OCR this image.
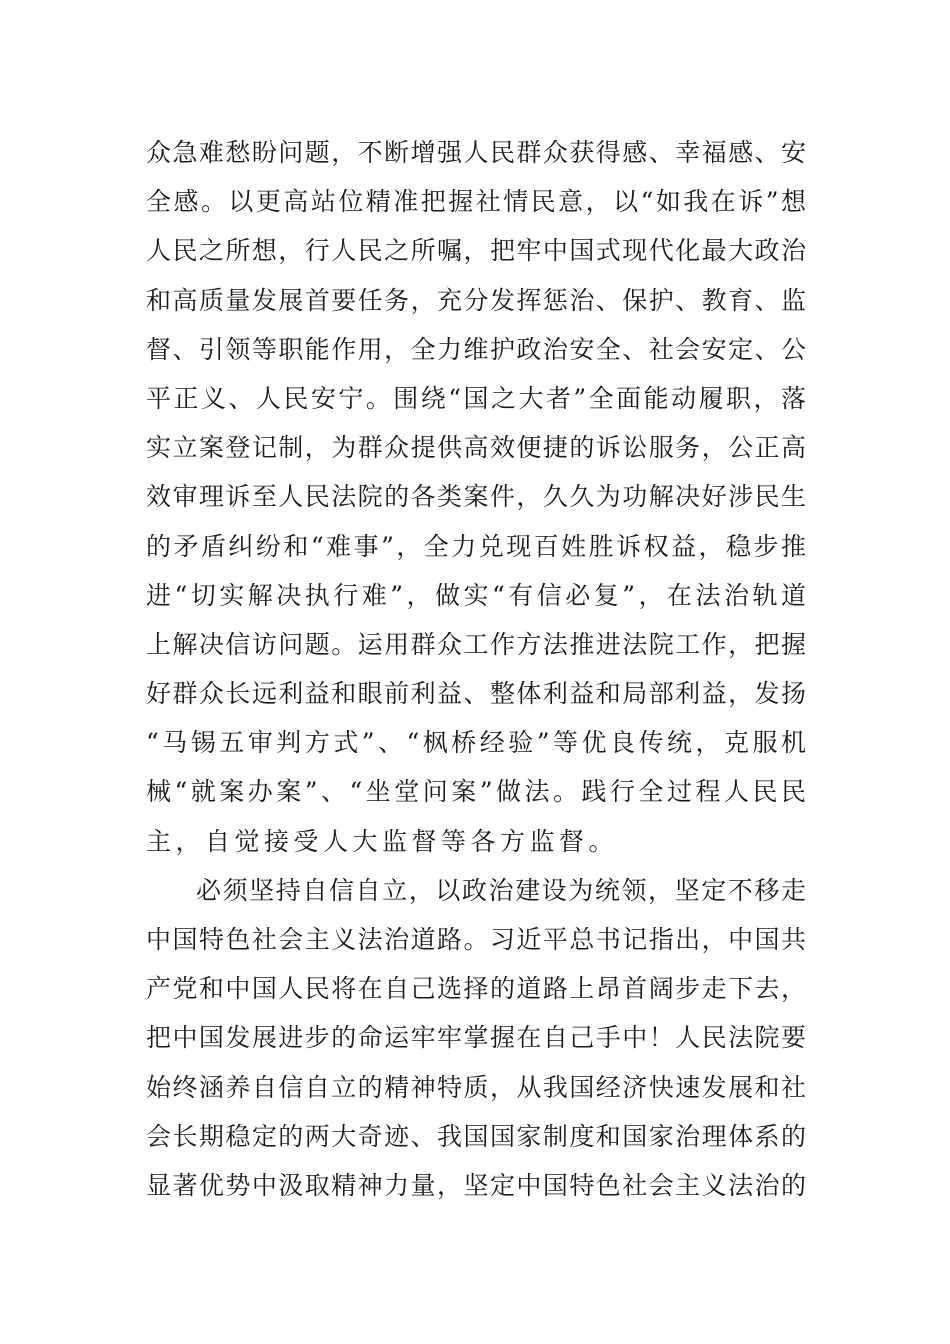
众急难愁盼问题，不断增强人民群众获得感、幸福感、安
全感。以更高站位精准把握社情民意，以“如我在诉”想
人民之所想，行人民之所嘱，把牢中国式现代化最大政治
和高质量发展首要任务，充分发挥惩治、保护、教育、监
督、引领等职能作用，全力维护政治安全、社会安定、公
平正义、人民安宁。围绕“国之大者”全面能动履职，落
实立案登记制，为群众提供高效便捷的诉讼服务，公正高
效审理诉至人民法院的各类案件，久久为功解决好涉民生
的矛盾纠纷和“难事”，全力兑现百姓胜诉权益，稳步推
进“切实解决执行难”，做实“有信必复”，在法治轨道
上解决信访问题。运用群众工作方法推进法院工作，把握
好群众长远利益和眼前利益、整体利益和局部利益，发扬
“马锡五审判方式”、“枫桥经验”等优良传统，克服机
械“就案办案”、“坐堂问案”做法。践行全过程人民民
主，自觉接受人大监督等各方监督。
必须坚持自信自立，以政治建设为统领，坚定不移走
中国特色社会主义法治道路。习近平总书记指出，中国共
产党和中国人民将在自己选择的道路上昂首阔步走下去，
把中国发展进步的命运牢牢掌握在自己手中！人民法院要
始终涵养自信自立的精神特质，从我国经济快速发展和社
会长期稳定的两大奇迹、我国国家制度和国家治理体系的
显著优势中汲取精神力量，坚定中国特色社会主义法治的
